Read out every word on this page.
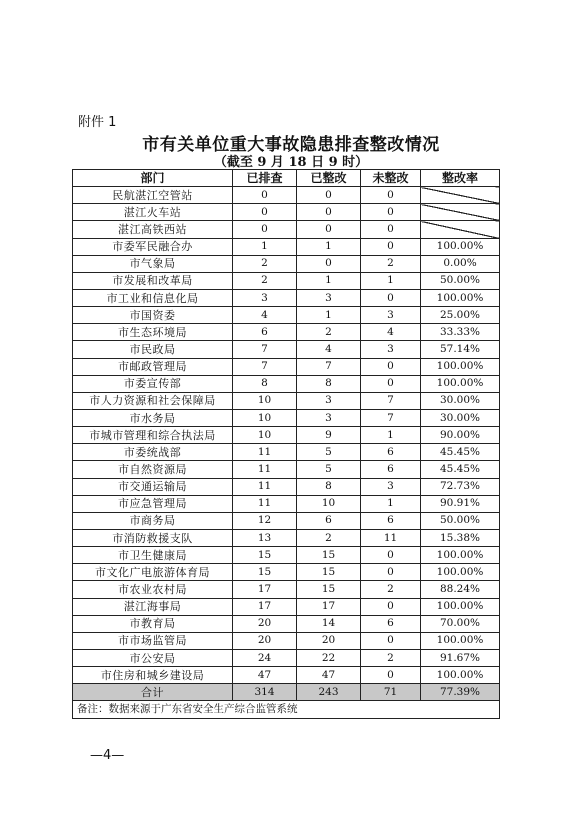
附件 1
市有关单位重大事故隐患排查整改情况
（截至 9 月 18 日 9 时）
部门	已排查	已整改	未整改	整改率
民航湛江空管站	0	0	0	
湛江火车站	0	0	0	
湛江高铁西站	0	0	0	
市委军民融合办	1	1	0	100.00%
市气象局	2	0	2	0.00%
市发展和改革局	2	1	1	50.00%
市工业和信息化局	3	3	0	100.00%
市国资委	4	1	3	25.00%
市生态环境局	6	2	4	33.33%
市民政局	7	4	3	57.14%
市邮政管理局	7	7	0	100.00%
市委宣传部	8	8	0	100.00%
市人力资源和社会保障局	10	3	7	30.00%
市水务局	10	3	7	30.00%
市城市管理和综合执法局	10	9	1	90.00%
市委统战部	11	5	6	45.45%
市自然资源局	11	5	6	45.45%
市交通运输局	11	8	3	72.73%
市应急管理局	11	10	1	90.91%
市商务局	12	6	6	50.00%
市消防救援支队	13	2	11	15.38%
市卫生健康局	15	15	0	100.00%
市文化广电旅游体育局	15	15	0	100.00%
市农业农村局	17	15	2	88.24%
湛江海事局	17	17	0	100.00%
市教育局	20	14	6	70.00%
市市场监管局	20	20	0	100.00%
市公安局	24	22	2	91.67%
市住房和城乡建设局	47	47	0	100.00%
合计	314	243	71	77.39%
备注：数据来源于广东省安全生产综合监管系统				
—4—
